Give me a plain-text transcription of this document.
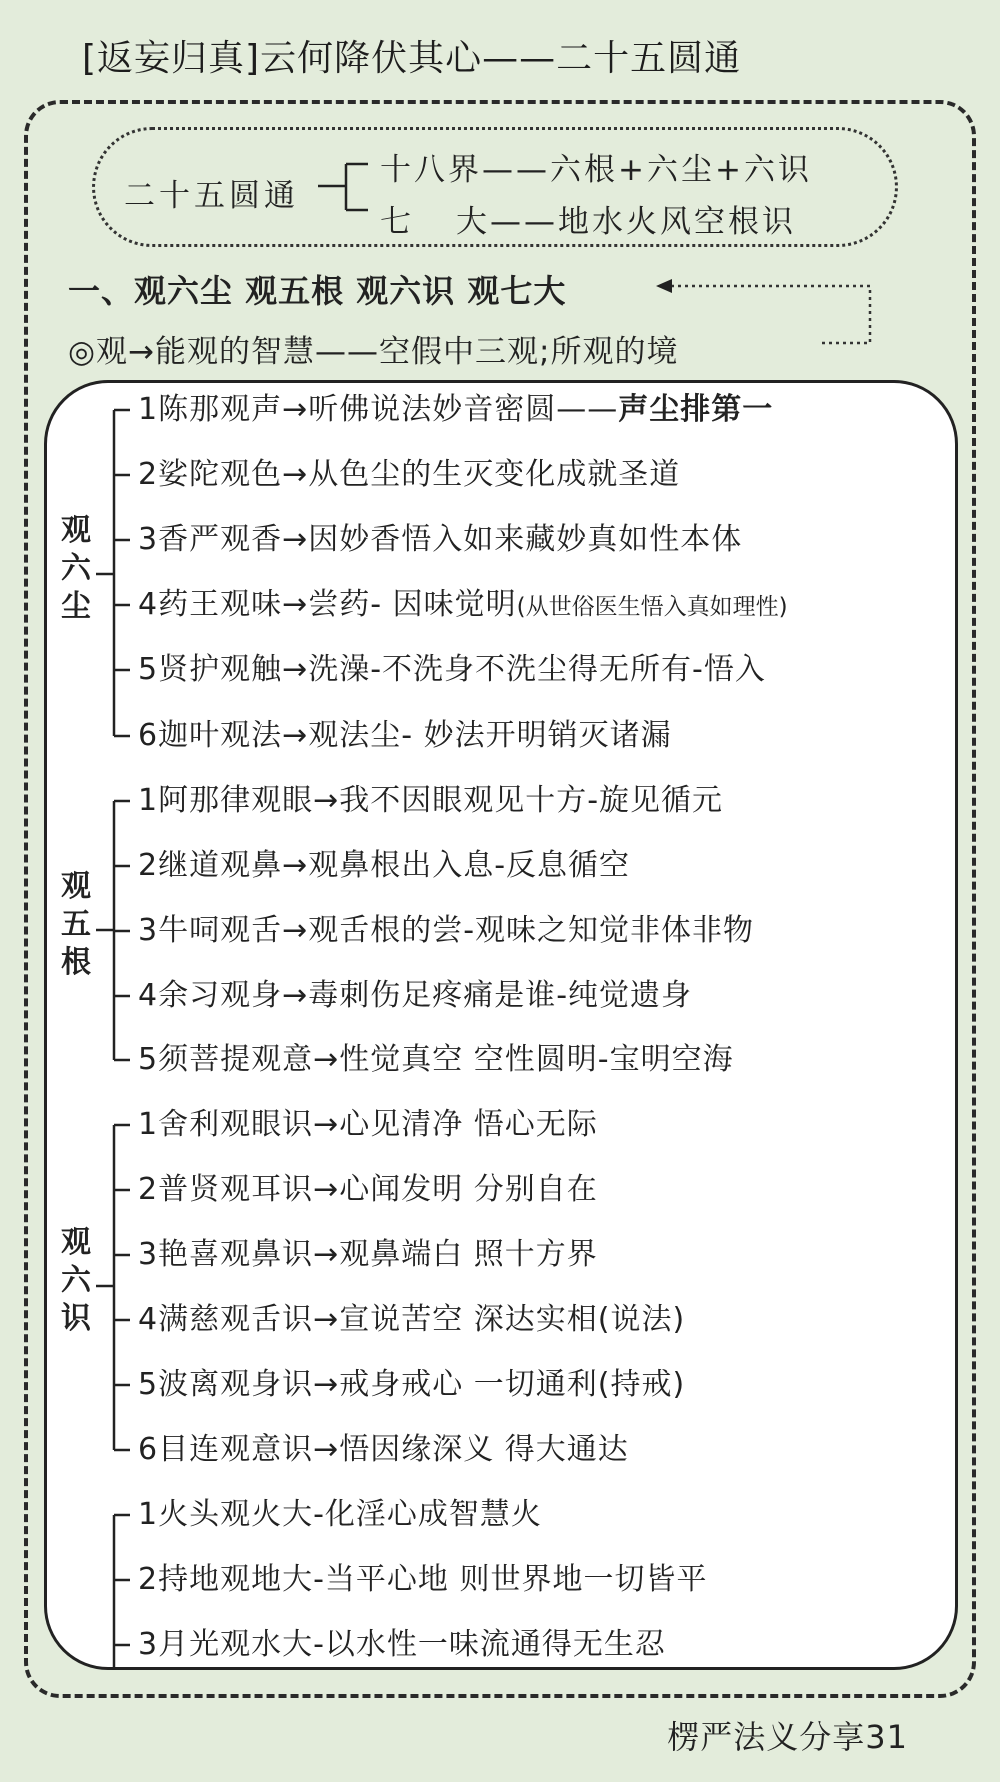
[返妄归真]云何降伏其心——二十五圆通
二十五圆通
十八界——六根+六尘+六识
七 大——地水火风空根识
一、观六尘 观五根 观六识 观七大
◎观→能观的智慧——空假中三观;所观的境
观六尘
1陈那观声→听佛说法妙音密圆——声尘排第一
2娑陀观色→从色尘的生灭变化成就圣道
3香严观香→因妙香悟入如来藏妙真如性本体
4药王观味→尝药- 因味觉明(从世俗医生悟入真如理性)
5贤护观触→洗澡-不洗身不洗尘得无所有-悟入
6迦叶观法→观法尘- 妙法开明销灭诸漏
观五根
1阿那律观眼→我不因眼观见十方-旋见循元
2继道观鼻→观鼻根出入息-反息循空
3牛呞观舌→观舌根的尝-观味之知觉非体非物
4余习观身→毒刺伤足疼痛是谁-纯觉遗身
5须菩提观意→性觉真空 空性圆明-宝明空海
观六识
1舍利观眼识→心见清净 悟心无际
2普贤观耳识→心闻发明 分别自在
3艳喜观鼻识→观鼻端白 照十方界
4满慈观舌识→宣说苦空 深达实相(说法)
5波离观身识→戒身戒心 一切通利(持戒)
6目连观意识→悟因缘深义 得大通达
1火头观火大-化淫心成智慧火
2持地观地大-当平心地 则世界地一切皆平
3月光观水大-以水性一味流通得无生忍
楞严法义分享31
